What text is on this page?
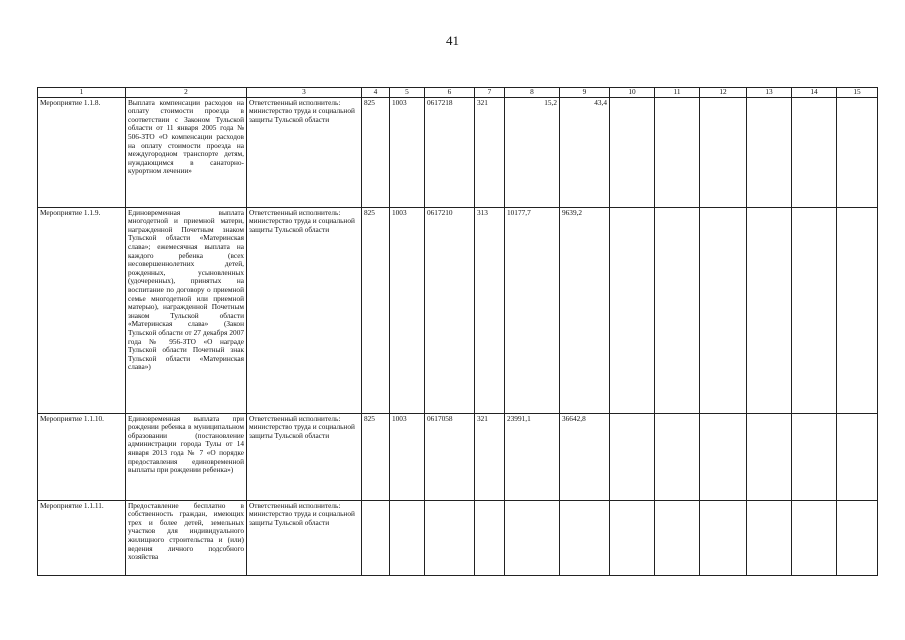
41
1	2	3	4	5	6	7	8	9	10	11	12	13	14	15
Мероприятие 1.1.8.	Выплата компенсации расходов на оплату стоимости проезда в соответствии с Законом Тульской области от 11 января 2005 года № 506-ЗТО «О компенсации расходов на оплату стоимости проезда на междугородном транспорте детям, нуждающимся в санаторно-курортном лечении»	Ответственный исполнитель: министерство труда и социальной защиты Тульской области	825	1003	0617218	321	15,2	43,4						
Мероприятие 1.1.9.	Единовременная выплата многодетной и приемной матери, награжденной Почетным знаком Тульской области «Материнская слава»; ежемесячная выплата на каждого ребенка (всех несовершеннолетних детей, рожденных, усыновленных (удочеренных), принятых на воспитание по договору о приемной семье многодетной или приемной матерью), награжденной Почетным знаком Тульской области «Материнская слава» (Закон Тульской области от 27 декабря 2007 года № 956-ЗТО «О награде Тульской области Почетный знак Тульской области «Материнская слава»)	Ответственный исполнитель: министерство труда и социальной защиты Тульской области	825	1003	0617210	313	10177,7	9639,2						
Мероприятие 1.1.10.	Единовременная выплата при рождении ребенка в муниципальном образовании (постановление администрации города Тулы от 14 января 2013 года № 7 «О порядке предоставления единовременной выплаты при рождении ребенка»)	Ответственный исполнитель: министерство труда и социальной защиты Тульской области	825	1003	0617058	321	23991,1	36642,8						
Мероприятие 1.1.11.	Предоставление бесплатно в собственность граждан, имеющих трех и более детей, земельных участков для индивидуального жилищного строительства и (или) ведения личного подсобного хозяйства	Ответственный исполнитель: министерство труда и социальной защиты Тульской области												
